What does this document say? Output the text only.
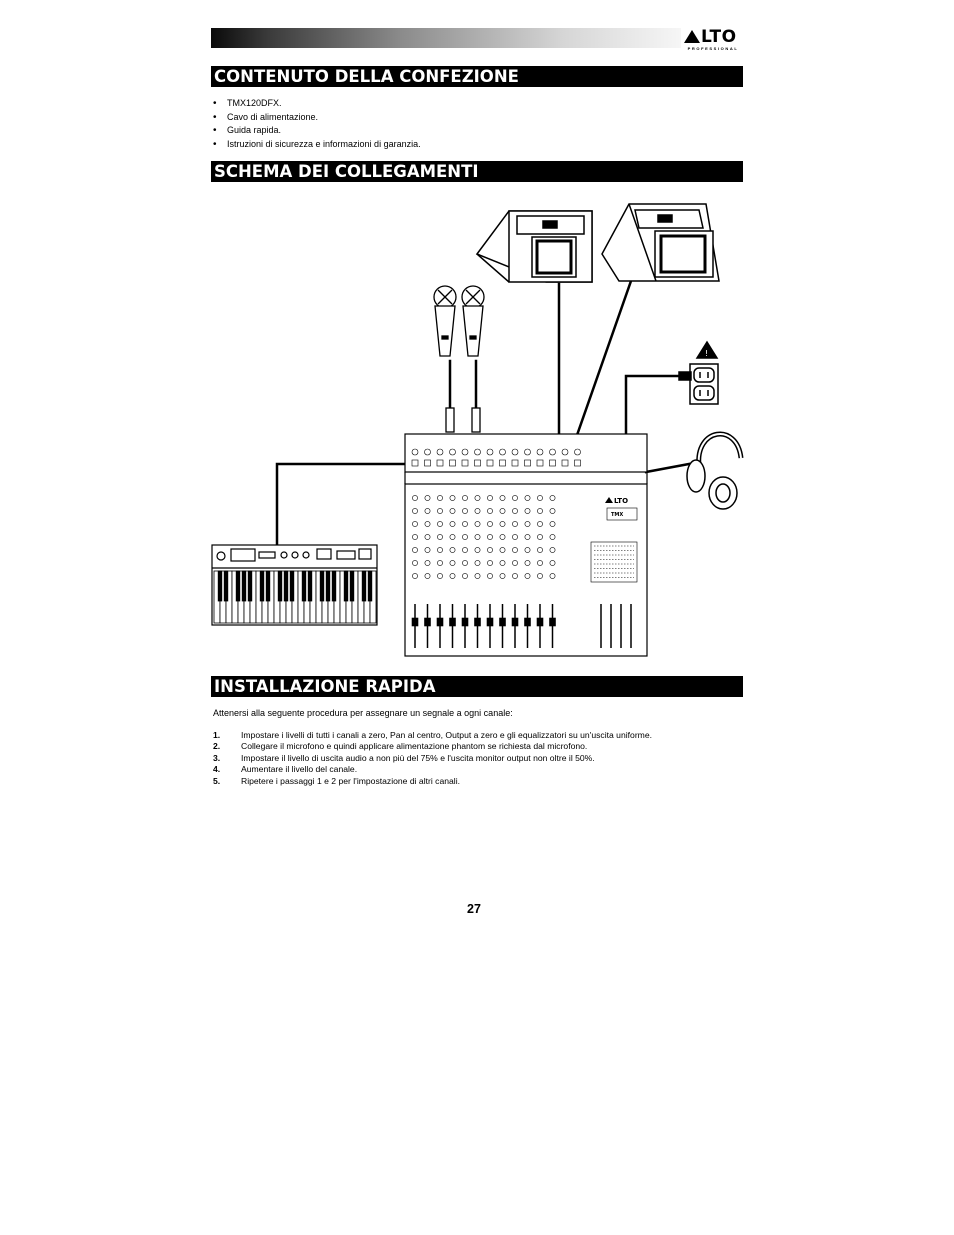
LTO
PROFESSIONAL
CONTENUTO DELLA CONFEZIONE
• TMX120DFX.
• Cavo di alimentazione.
• Guida rapida.
• Istruzioni di sicurezza e informazioni di garanzia.
SCHEMA DEI COLLEGAMENTI
!
LTO
TMX
INSTALLAZIONE RAPIDA
Attenersi alla seguente procedura per assegnare un segnale a ogni canale:
1. Impostare i livelli di tutti i canali a zero, Pan al centro, Output a zero e gli equalizzatori su un'uscita uniforme.
2. Collegare il microfono e quindi applicare alimentazione phantom se richiesta dal microfono.
3. Impostare il livello di uscita audio a non più del 75% e l'uscita monitor output non oltre il 50%.
4. Aumentare il livello del canale.
5. Ripetere i passaggi 1 e 2 per l'impostazione di altri canali.
27
